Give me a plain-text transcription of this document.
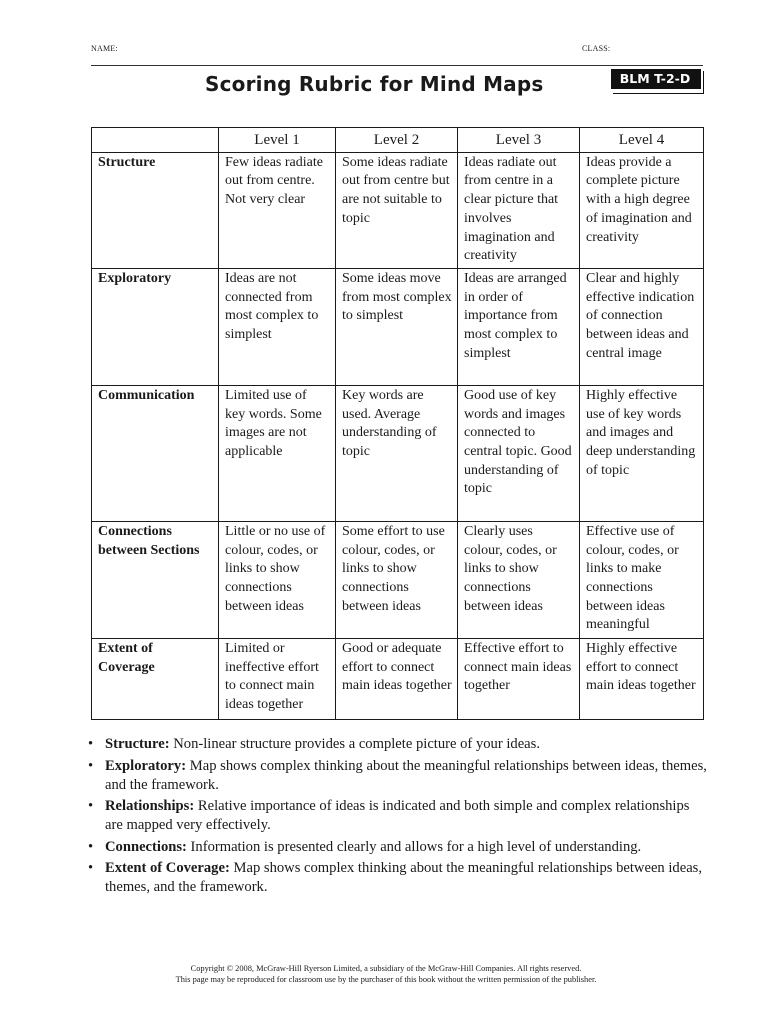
NAME:	CLASS:
Scoring Rubric for Mind Maps	BLM T-2-D
	Level 1	Level 2	Level 3	Level 4
Structure	Few ideas radiate out from centre. Not very clear	Some ideas radiate out from centre but are not suitable to topic	Ideas radiate out from centre in a clear picture that involves imagination and creativity	Ideas provide a complete picture with a high degree of imagination and creativity
Exploratory	Ideas are not connected from most complex to simplest	Some ideas move from most complex to simplest	Ideas are arranged in order of importance from most complex to simplest	Clear and highly effective indication of connection between ideas and central image
Communication	Limited use of key words. Some images are not applicable	Key words are used. Average understanding of topic	Good use of key words and images connected to central topic. Good understanding of topic	Highly effective use of key words and images and deep understanding of topic
Connections between Sections	Little or no use of colour, codes, or links to show connections between ideas	Some effort to use colour, codes, or links to show connections between ideas	Clearly uses colour, codes, or links to show connections between ideas	Effective use of colour, codes, or links to make connections between ideas meaningful
Extent of Coverage	Limited or ineffective effort to connect main ideas together	Good or adequate effort to connect main ideas together	Effective effort to connect main ideas together	Highly effective effort to connect main ideas together
• Structure: Non-linear structure provides a complete picture of your ideas.
• Exploratory: Map shows complex thinking about the meaningful relationships between ideas, themes, and the framework.
• Relationships: Relative importance of ideas is indicated and both simple and complex relationships are mapped very effectively.
• Connections: Information is presented clearly and allows for a high level of understanding.
• Extent of Coverage: Map shows complex thinking about the meaningful relationships between ideas, themes, and the framework.
Copyright © 2008, McGraw-Hill Ryerson Limited, a subsidiary of the McGraw-Hill Companies. All rights reserved.
This page may be reproduced for classroom use by the purchaser of this book without the written permission of the publisher.
